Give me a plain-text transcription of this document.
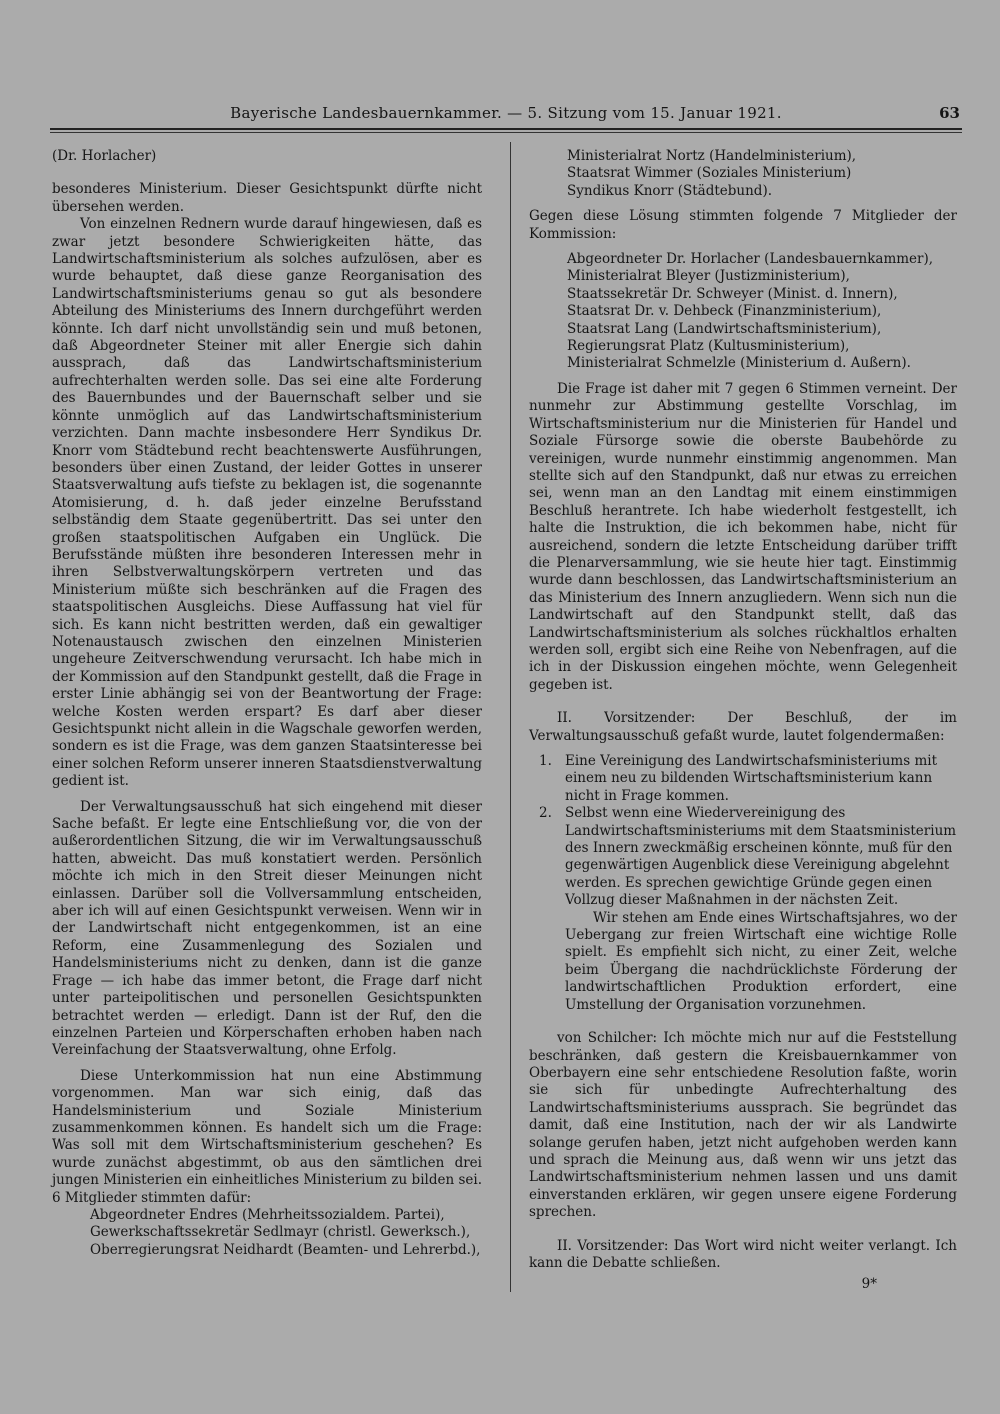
Bayerische Landesbauernkammer. — 5. Sitzung vom 15. Januar 1921.	63

(Dr. Horlacher)

besonderes Ministerium. Dieser Gesichtspunkt dürfte nicht übersehen werden.

Von einzelnen Rednern wurde darauf hingewiesen, daß es zwar jetzt besondere Schwierigkeiten hätte, das Landwirtschaftsministerium als solches aufzulösen, aber es wurde behauptet, daß diese ganze Reorganisation des Landwirtschaftsministeriums genau so gut als besondere Abteilung des Ministeriums des Innern durchgeführt werden könnte. Ich darf nicht unvollständig sein und muß betonen, daß Abgeordneter Steiner mit aller Energie sich dahin aussprach, daß das Landwirtschaftsministerium aufrechterhalten werden solle. Das sei eine alte Forderung des Bauernbundes und der Bauernschaft selber und sie könnte unmöglich auf das Landwirtschaftsministerium verzichten. Dann machte insbesondere Herr Syndikus Dr. Knorr vom Städtebund recht beachtenswerte Ausführungen, besonders über einen Zustand, der leider Gottes in unserer Staatsverwaltung aufs tiefste zu beklagen ist, die sogenannte Atomisierung, d. h. daß jeder einzelne Berufsstand selbständig dem Staate gegenübertritt. Das sei unter den großen staatspolitischen Aufgaben ein Unglück. Die Berufsstände müßten ihre besonderen Interessen mehr in ihren Selbstverwaltungskörpern vertreten und das Ministerium müßte sich beschränken auf die Fragen des staatspolitischen Ausgleichs. Diese Auffassung hat viel für sich. Es kann nicht bestritten werden, daß ein gewaltiger Notenaustausch zwischen den einzelnen Ministerien ungeheure Zeitverschwendung verursacht. Ich habe mich in der Kommission auf den Standpunkt gestellt, daß die Frage in erster Linie abhängig sei von der Beantwortung der Frage: welche Kosten werden erspart? Es darf aber dieser Gesichtspunkt nicht allein in die Wagschale geworfen werden, sondern es ist die Frage, was dem ganzen Staatsinteresse bei einer solchen Reform unserer inneren Staatsdienstverwaltung gedient ist.

Der Verwaltungsausschuß hat sich eingehend mit dieser Sache befaßt. Er legte eine Entschließung vor, die von der außerordentlichen Sitzung, die wir im Verwaltungsausschuß hatten, abweicht. Das muß konstatiert werden. Persönlich möchte ich mich in den Streit dieser Meinungen nicht einlassen. Darüber soll die Vollversammlung entscheiden, aber ich will auf einen Gesichtspunkt verweisen. Wenn wir in der Landwirtschaft nicht entgegenkommen, ist an eine Reform, eine Zusammenlegung des Sozialen und Handelsministeriums nicht zu denken, dann ist die ganze Frage — ich habe das immer betont, die Frage darf nicht unter parteipolitischen und personellen Gesichtspunkten betrachtet werden — erledigt. Dann ist der Ruf, den die einzelnen Parteien und Körperschaften erhoben haben nach Vereinfachung der Staatsverwaltung, ohne Erfolg.

Diese Unterkommission hat nun eine Abstimmung vorgenommen. Man war sich einig, daß das Handelsministerium und Soziale Ministerium zusammenkommen können. Es handelt sich um die Frage: Was soll mit dem Wirtschaftsministerium geschehen? Es wurde zunächst abgestimmt, ob aus den sämtlichen drei jungen Ministerien ein einheitliches Ministerium zu bilden sei. 6 Mitglieder stimmten dafür:

Abgeordneter Endres (Mehrheitssozialdem. Partei),

Gewerkschaftssekretär Sedlmayr (christl. Gewerksch.),

Oberregierungsrat Neidhardt (Beamten- und Lehrerbd.),

Ministerialrat Nortz (Handelministerium),

Staatsrat Wimmer (Soziales Ministerium)

Syndikus Knorr (Städtebund).

Gegen diese Lösung stimmten folgende 7 Mitglieder der Kommission:

Abgeordneter Dr. Horlacher (Landesbauernkammer),

Ministerialrat Bleyer (Justizministerium),

Staatssekretär Dr. Schweyer (Minist. d. Innern),

Staatsrat Dr. v. Dehbeck (Finanzministerium),

Staatsrat Lang (Landwirtschaftsministerium),

Regierungsrat Platz (Kultusministerium),

Ministerialrat Schmelzle (Ministerium d. Außern).

Die Frage ist daher mit 7 gegen 6 Stimmen verneint. Der nunmehr zur Abstimmung gestellte Vorschlag, im Wirtschaftsministerium nur die Ministerien für Handel und Soziale Fürsorge sowie die oberste Baubehörde zu vereinigen, wurde nunmehr einstimmig angenommen. Man stellte sich auf den Standpunkt, daß nur etwas zu erreichen sei, wenn man an den Landtag mit einem einstimmigen Beschluß herantrete. Ich habe wiederholt festgestellt, ich halte die Instruktion, die ich bekommen habe, nicht für ausreichend, sondern die letzte Entscheidung darüber trifft die Plenarversammlung, wie sie heute hier tagt. Einstimmig wurde dann beschlossen, das Landwirtschaftsministerium an das Ministerium des Innern anzugliedern. Wenn sich nun die Landwirtschaft auf den Standpunkt stellt, daß das Landwirtschaftsministerium als solches rückhaltlos erhalten werden soll, ergibt sich eine Reihe von Nebenfragen, auf die ich in der Diskussion eingehen möchte, wenn Gelegenheit gegeben ist.

II. Vorsitzender: Der Beschluß, der im Verwaltungsausschuß gefaßt wurde, lautet folgendermaßen:

1. Eine Vereinigung des Landwirtschafsministeriums mit einem neu zu bildenden Wirtschaftsministerium kann nicht in Frage kommen.
2. Selbst wenn eine Wiedervereinigung des Landwirtschaftsministeriums mit dem Staatsministerium des Innern zweckmäßig erscheinen könnte, muß für den gegenwärtigen Augenblick diese Vereinigung abgelehnt werden. Es sprechen gewichtige Gründe gegen einen Vollzug dieser Maßnahmen in der nächsten Zeit.

Wir stehen am Ende eines Wirtschaftsjahres, wo der Uebergang zur freien Wirtschaft eine wichtige Rolle spielt. Es empfiehlt sich nicht, zu einer Zeit, welche beim Übergang die nachdrücklichste Förderung der landwirtschaftlichen Produktion erfordert, eine Umstellung der Organisation vorzunehmen.

von Schilcher: Ich möchte mich nur auf die Feststellung beschränken, daß gestern die Kreisbauernkammer von Oberbayern eine sehr entschiedene Resolution faßte, worin sie sich für unbedingte Aufrechterhaltung des Landwirtschaftsministeriums aussprach. Sie begründet das damit, daß eine Institution, nach der wir als Landwirte solange gerufen haben, jetzt nicht aufgehoben werden kann und sprach die Meinung aus, daß wenn wir uns jetzt das Landwirtschaftsministerium nehmen lassen und uns damit einverstanden erklären, wir gegen unsere eigene Forderung sprechen.

II. Vorsitzender: Das Wort wird nicht weiter verlangt. Ich kann die Debatte schließen.

9*
